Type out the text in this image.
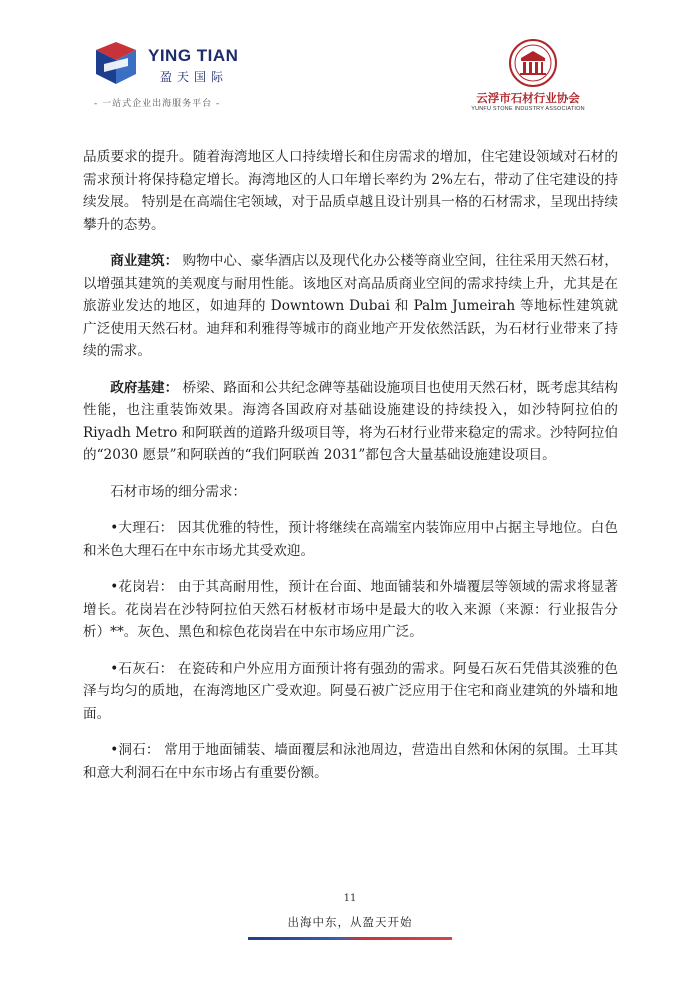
YING TIAN
盈天国际
- 一站式企业出海服务平台 -	云浮市石材行业协会
YUNFU STONE INDUSTRY ASSOCIATION

品质要求的提升。随着海湾地区人口持续增长和住房需求的增加，住宅建设领域对石材的需求预计将保持稳定增长。海湾地区的人口年增长率约为 2%左右，带动了住宅建设的持续发展。 特别是在高端住宅领域，对于品质卓越且设计别具一格的石材需求，呈现出持续攀升的态势。

商业建筑： 购物中心、豪华酒店以及现代化办公楼等商业空间，往往采用天然石材，以增强其建筑的美观度与耐用性能。该地区对高品质商业空间的需求持续上升，尤其是在旅游业发达的地区，如迪拜的 Downtown Dubai 和 Palm Jumeirah 等地标性建筑就广泛使用天然石材。迪拜和利雅得等城市的商业地产开发依然活跃，为石材行业带来了持续的需求。

政府基建： 桥梁、路面和公共纪念碑等基础设施项目也使用天然石材，既考虑其结构性能，也注重装饰效果。海湾各国政府对基础设施建设的持续投入，如沙特阿拉伯的 Riyadh Metro 和阿联酋的道路升级项目等，将为石材行业带来稳定的需求。沙特阿拉伯的“2030 愿景”和阿联酋的“我们阿联酋 2031”都包含大量基础设施建设项目。

石材市场的细分需求：

•大理石： 因其优雅的特性，预计将继续在高端室内装饰应用中占据主导地位。白色和米色大理石在中东市场尤其受欢迎。

•花岗岩： 由于其高耐用性，预计在台面、地面铺装和外墙覆层等领域的需求将显著增长。花岗岩在沙特阿拉伯天然石材板材市场中是最大的收入来源（来源：行业报告分析）**。灰色、黑色和棕色花岗岩在中东市场应用广泛。

•石灰石： 在瓷砖和户外应用方面预计将有强劲的需求。阿曼石灰石凭借其淡雅的色泽与均匀的质地，在海湾地区广受欢迎。阿曼石被广泛应用于住宅和商业建筑的外墙和地面。

•洞石： 常用于地面铺装、墙面覆层和泳池周边，营造出自然和休闲的氛围。土耳其和意大利洞石在中东市场占有重要份额。

11
出海中东，从盈天开始
